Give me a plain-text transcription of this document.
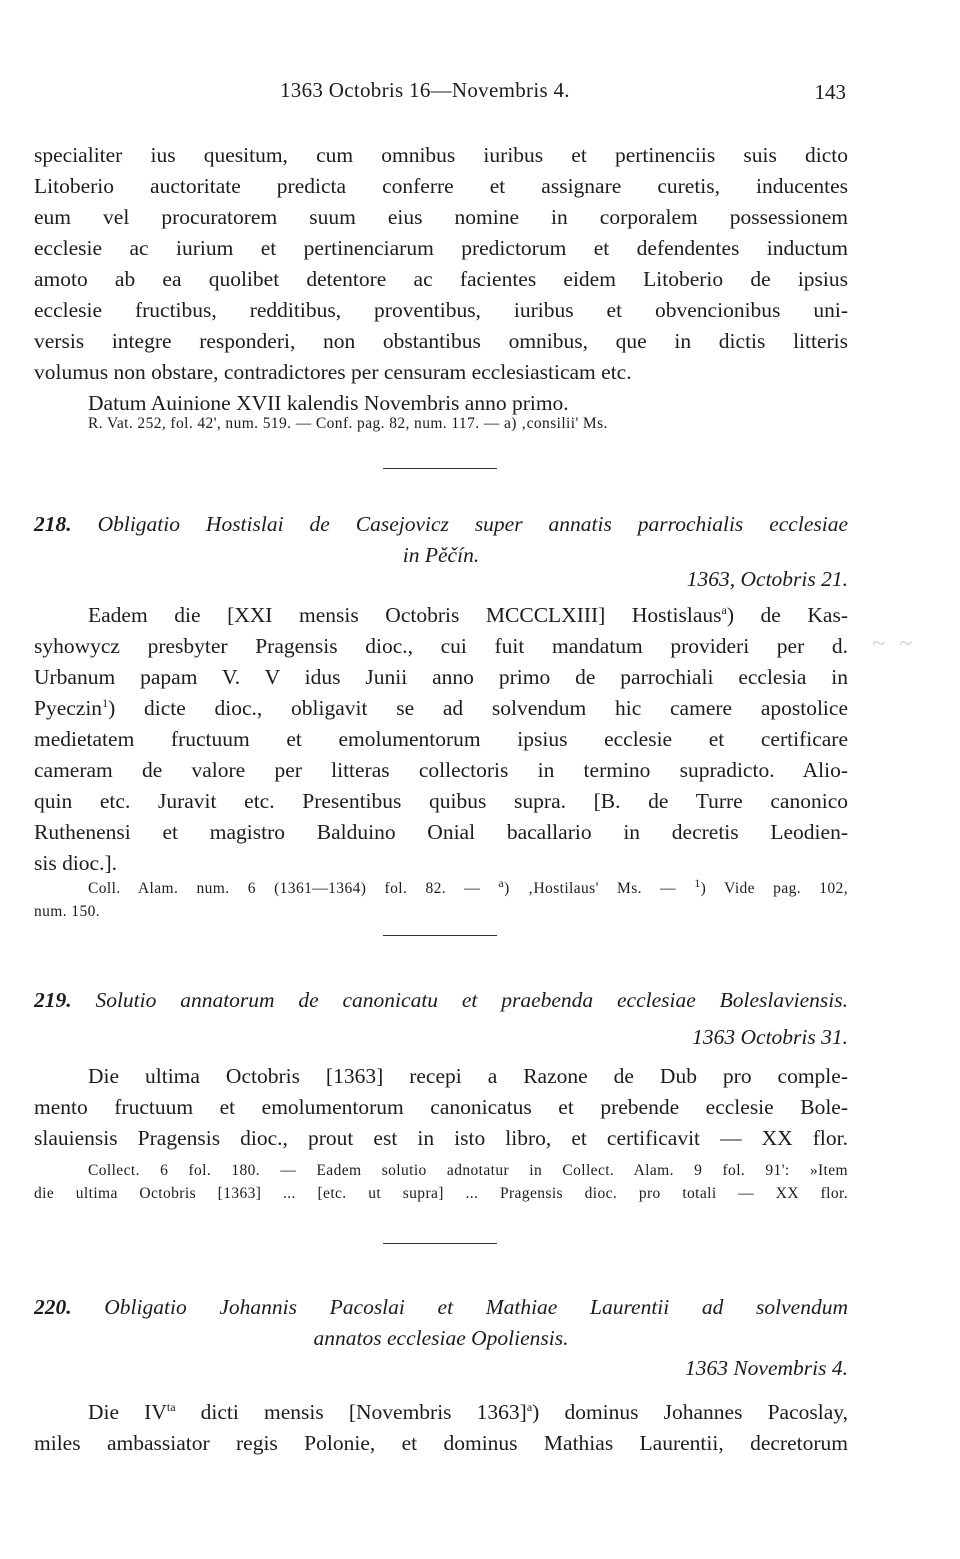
1363 Octobris 16—Novembris 4.	143
specialiter ius quesitum, cum omnibus iuribus et pertinenciis suis dicto
Litoberio auctoritate predicta conferre et assignare curetis, inducentes
eum vel procuratorem suum eius nomine in corporalem possessionem
ecclesie ac iurium et pertinenciarum predictorum et defendentes inductum
amoto ab ea quolibet detentore ac facientes eidem Litoberio de ipsius
ecclesie fructibus, redditibus, proventibus, iuribus et obvencionibus uni-
versis integre responderi, non obstantibus omnibus, que in dictis litteris
volumus non obstare, contradictores per censuram ecclesiasticam etc.
Datum Auinione XVII kalendis Novembris anno primo.
R. Vat. 252, fol. 42', num. 519. — Conf. pag. 82, num. 117. — a) ‚consilii' Ms.
218. Obligatio Hostislai de Casejovicz super annatis parrochialis ecclesiae
in Pěčín.
1363, Octobris 21.
Eadem die [XXI mensis Octobris MCCCLXIII] Hostislaus$^a$) de Kas-
syhowycz presbyter Pragensis dioc., cui fuit mandatum provideri per d.
Urbanum papam V. V idus Junii anno primo de parrochiali ecclesia in
Pyeczin$^1$) dicte dioc., obligavit se ad solvendum hic camere apostolice
medietatem fructuum et emolumentorum ipsius ecclesie et certificare
cameram de valore per litteras collectoris in termino supradicto. Alio-
quin etc. Juravit etc. Presentibus quibus supra. [B. de Turre canonico
Ruthenensi et magistro Balduino Onial bacallario in decretis Leodien-
sis dioc.].
~ ~
Coll. Alam. num. 6 (1361—1364) fol. 82. — $^a$) ‚Hostilaus' Ms. — $^1$) Vide pag. 102,
num. 150.
219. Solutio annatorum de canonicatu et praebenda ecclesiae Boleslaviensis.
1363 Octobris 31.
Die ultima Octobris [1363] recepi a Razone de Dub pro comple-
mento fructuum et emolumentorum canonicatus et prebende ecclesie Bole-
slauiensis Pragensis dioc., prout est in isto libro, et certificavit — XX flor.
Collect. 6 fol. 180. — Eadem solutio adnotatur in Collect. Alam. 9 fol. 91': »Item
die ultima Octobris [1363] ... [etc. ut supra] ... Pragensis dioc. pro totali — XX flor.
220. Obligatio Johannis Pacoslai et Mathiae Laurentii ad solvendum
annatos ecclesiae Opoliensis.
1363 Novembris 4.
Die $IV^{ta}$ dicti mensis [Novembris 1363]$^a$) dominus Johannes Pacoslay,
miles ambassiator regis Polonie, et dominus Mathias Laurentii, decretorum
